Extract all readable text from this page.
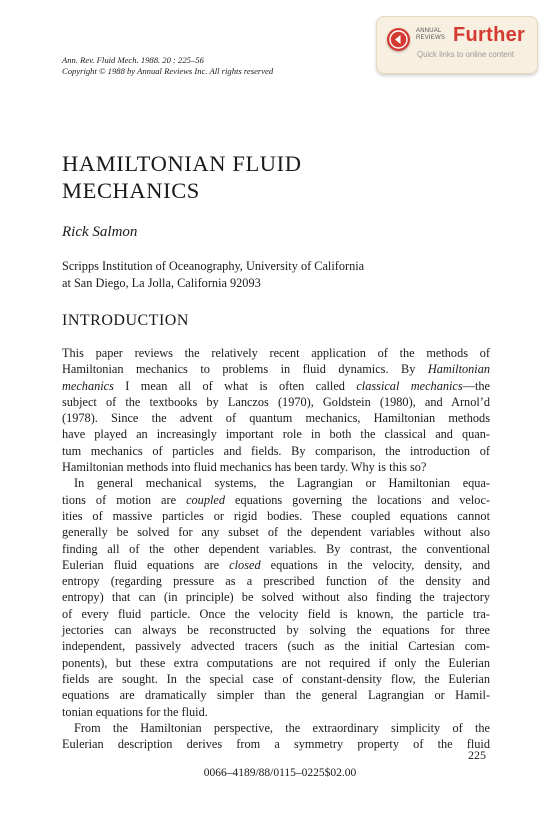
Ann. Rev. Fluid Mech. 1988. 20 : 225–56
Copyright © 1988 by Annual Reviews Inc. All rights reserved
ANNUAL
REVIEWS Further
Quick links to online content
HAMILTONIAN FLUID
MECHANICS
Rick Salmon
Scripps Institution of Oceanography, University of California
at San Diego, La Jolla, California 92093
INTRODUCTION

This paper reviews the relatively recent application of the methods of

Hamiltonian mechanics to problems in fluid dynamics. By Hamiltonian

mechanics I mean all of what is often called classical mechanics—the

subject of the textbooks by Lanczos (1970), Goldstein (1980), and Arnol’d

(1978). Since the advent of quantum mechanics, Hamiltonian methods

have played an increasingly important role in both the classical and quan-

tum mechanics of particles and fields. By comparison, the introduction of

Hamiltonian methods into fluid mechanics has been tardy. Why is this so?

In general mechanical systems, the Lagrangian or Hamiltonian equa-

tions of motion are coupled equations governing the locations and veloc-

ities of massive particles or rigid bodies. These coupled equations cannot

generally be solved for any subset of the dependent variables without also

finding all of the other dependent variables. By contrast, the conventional

Eulerian fluid equations are closed equations in the velocity, density, and

entropy (regarding pressure as a prescribed function of the density and

entropy) that can (in principle) be solved without also finding the trajectory

of every fluid particle. Once the velocity field is known, the particle tra-

jectories can always be reconstructed by solving the equations for three

independent, passively advected tracers (such as the initial Cartesian com-

ponents), but these extra computations are not required if only the Eulerian

fields are sought. In the special case of constant-density flow, the Eulerian

equations are dramatically simpler than the general Lagrangian or Hamil-

tonian equations for the fluid.

From the Hamiltonian perspective, the extraordinary simplicity of the

Eulerian description derives from a symmetry property of the fluid

225
0066–4189/88/0115–0225$02.00
